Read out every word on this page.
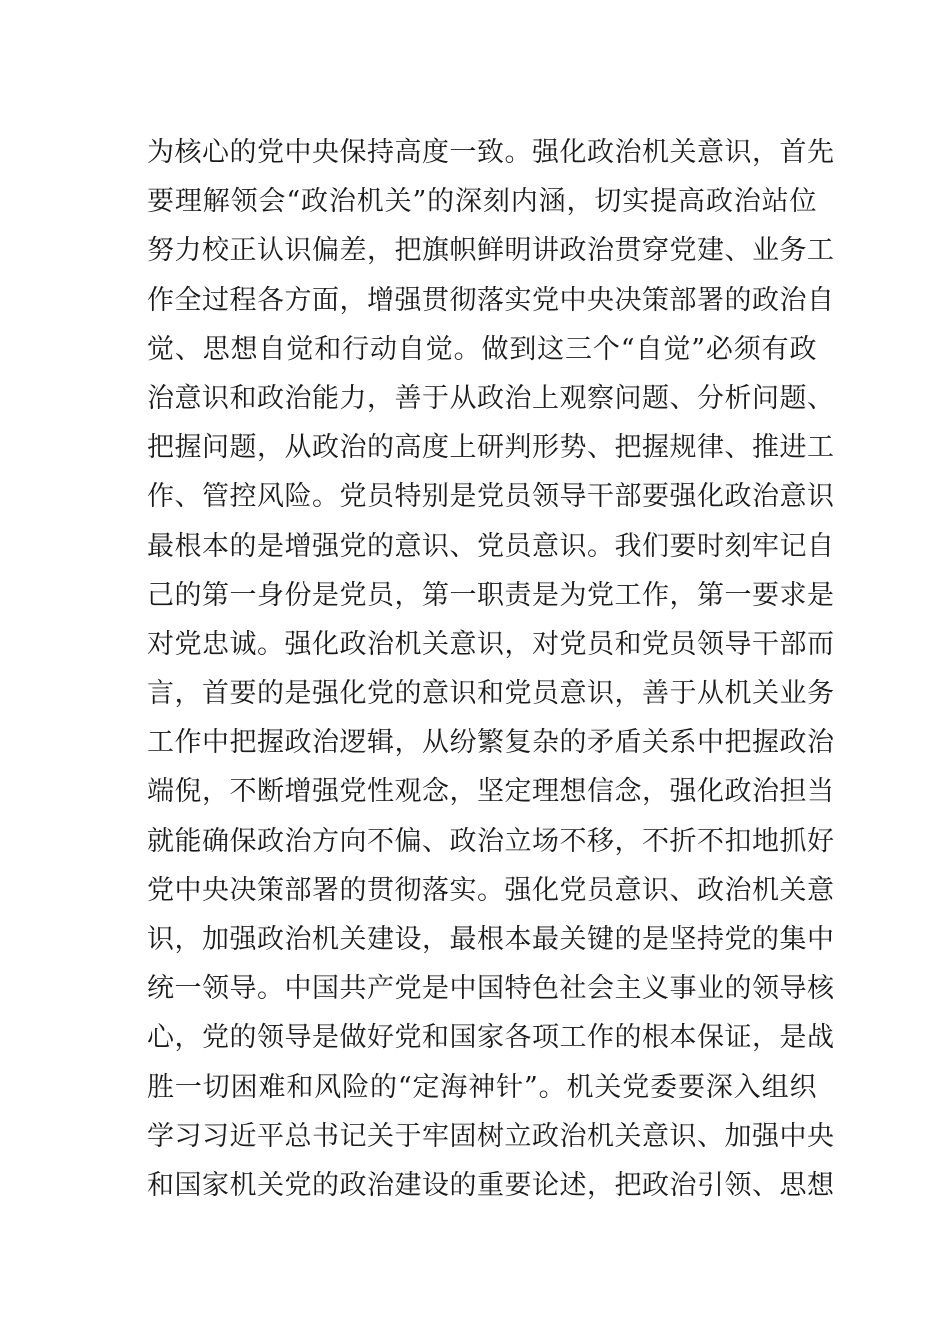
为核心的党中央保持高度一致。强化政治机关意识，首先
要理解领会“政治机关”的深刻内涵，切实提高政治站位
努力校正认识偏差，把旗帜鲜明讲政治贯穿党建、业务工
作全过程各方面，增强贯彻落实党中央决策部署的政治自
觉、思想自觉和行动自觉。做到这三个“自觉”必须有政
治意识和政治能力，善于从政治上观察问题、分析问题、
把握问题，从政治的高度上研判形势、把握规律、推进工
作、管控风险。党员特别是党员领导干部要强化政治意识
最根本的是增强党的意识、党员意识。我们要时刻牢记自
己的第一身份是党员，第一职责是为党工作，第一要求是
对党忠诚。强化政治机关意识，对党员和党员领导干部而
言，首要的是强化党的意识和党员意识，善于从机关业务
工作中把握政治逻辑，从纷繁复杂的矛盾关系中把握政治
端倪，不断增强党性观念，坚定理想信念，强化政治担当
就能确保政治方向不偏、政治立场不移，不折不扣地抓好
党中央决策部署的贯彻落实。强化党员意识、政治机关意
识，加强政治机关建设，最根本最关键的是坚持党的集中
统一领导。中国共产党是中国特色社会主义事业的领导核
心，党的领导是做好党和国家各项工作的根本保证，是战
胜一切困难和风险的“定海神针”。机关党委要深入组织
学习习近平总书记关于牢固树立政治机关意识、加强中央
和国家机关党的政治建设的重要论述，把政治引领、思想
